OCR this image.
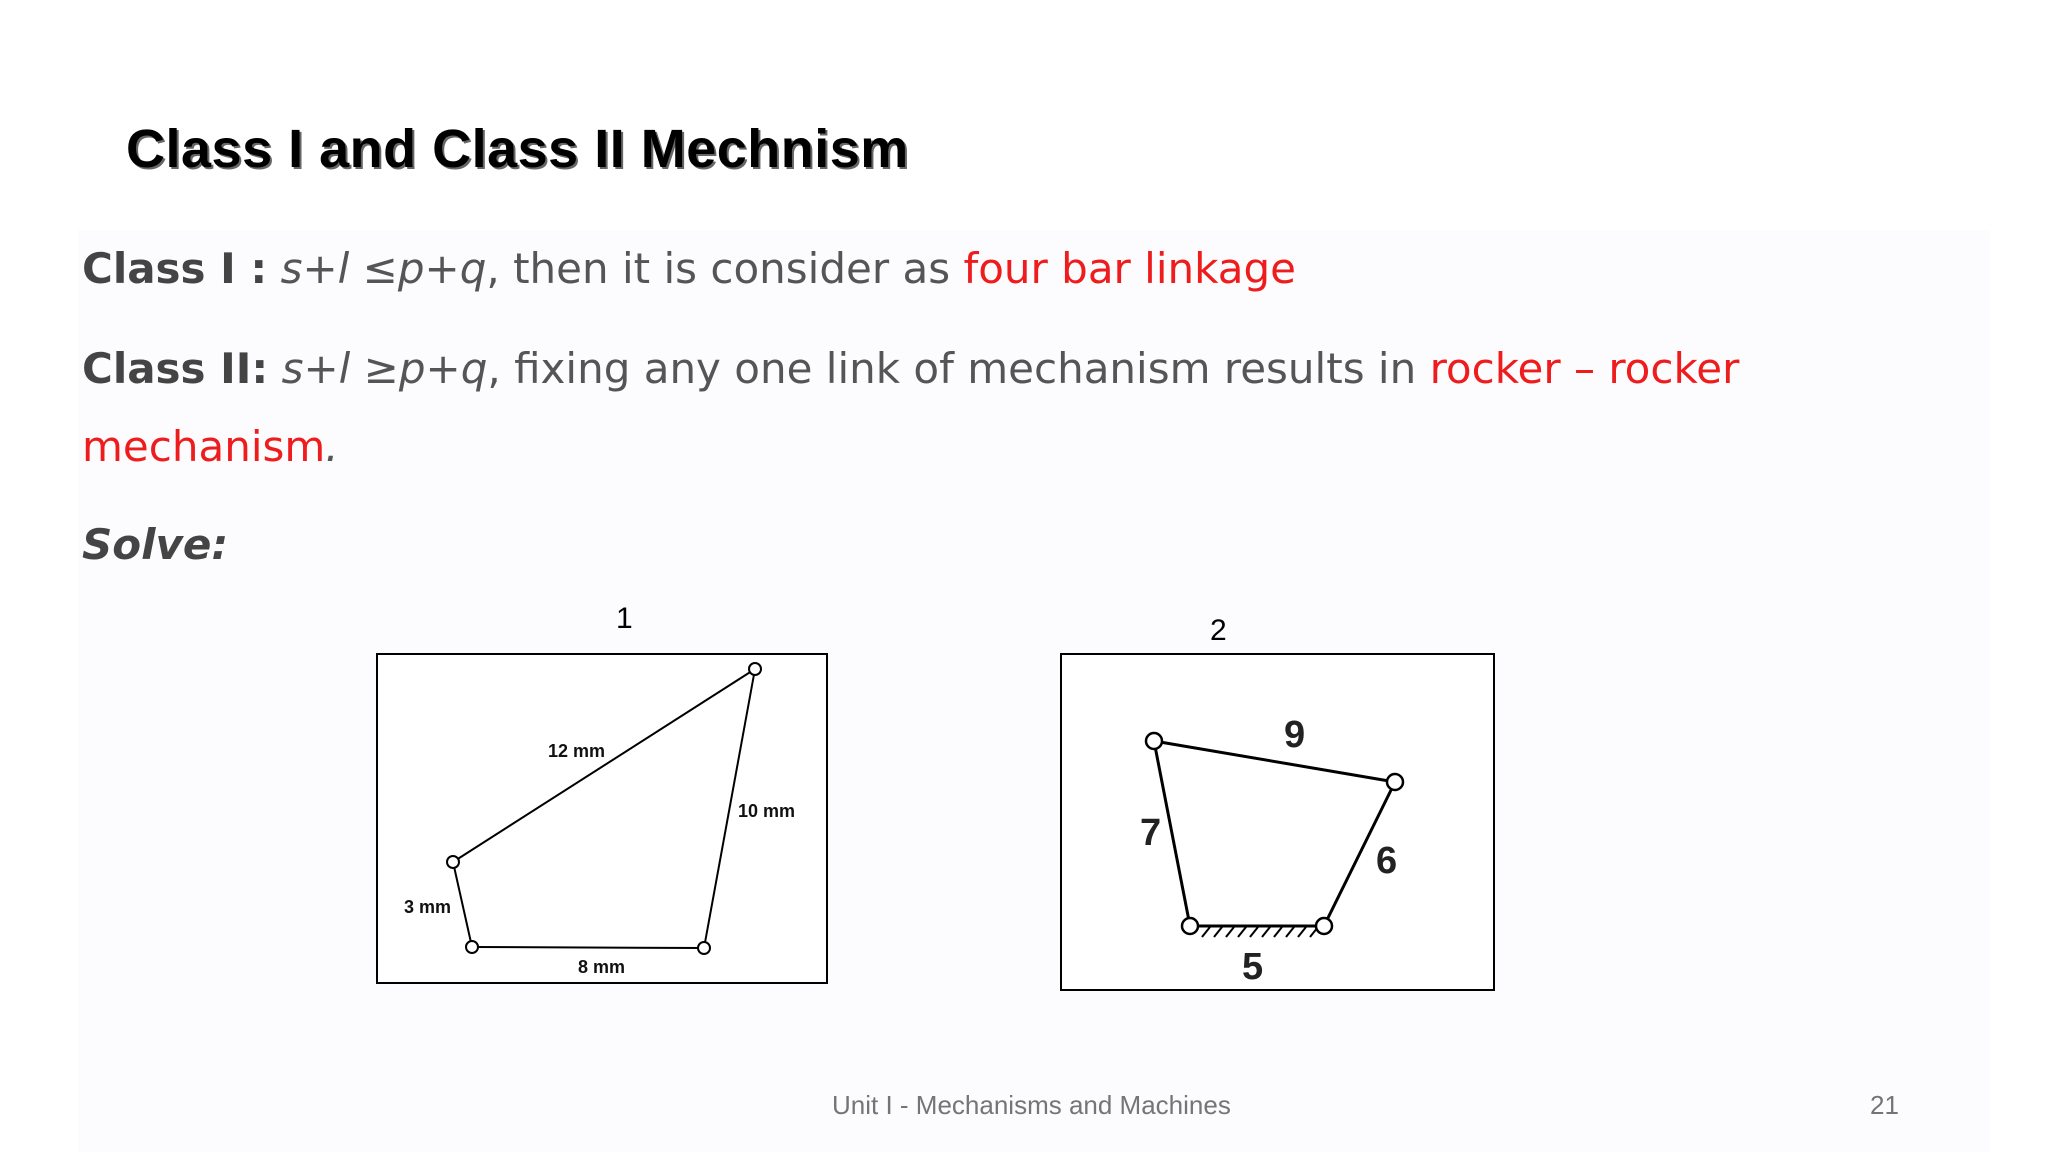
Class I and Class II Mechnism
Class I : s+l ≤p+q, then it is consider as four bar linkage
Class II: s+l ≥p+q, fixing any one link of mechanism results in rocker – rocker
mechanism.
Solve:
1	2
12 mm
10 mm
3 mm
8 mm
9
7
6
5
Unit I - Mechanisms and Machines	21
